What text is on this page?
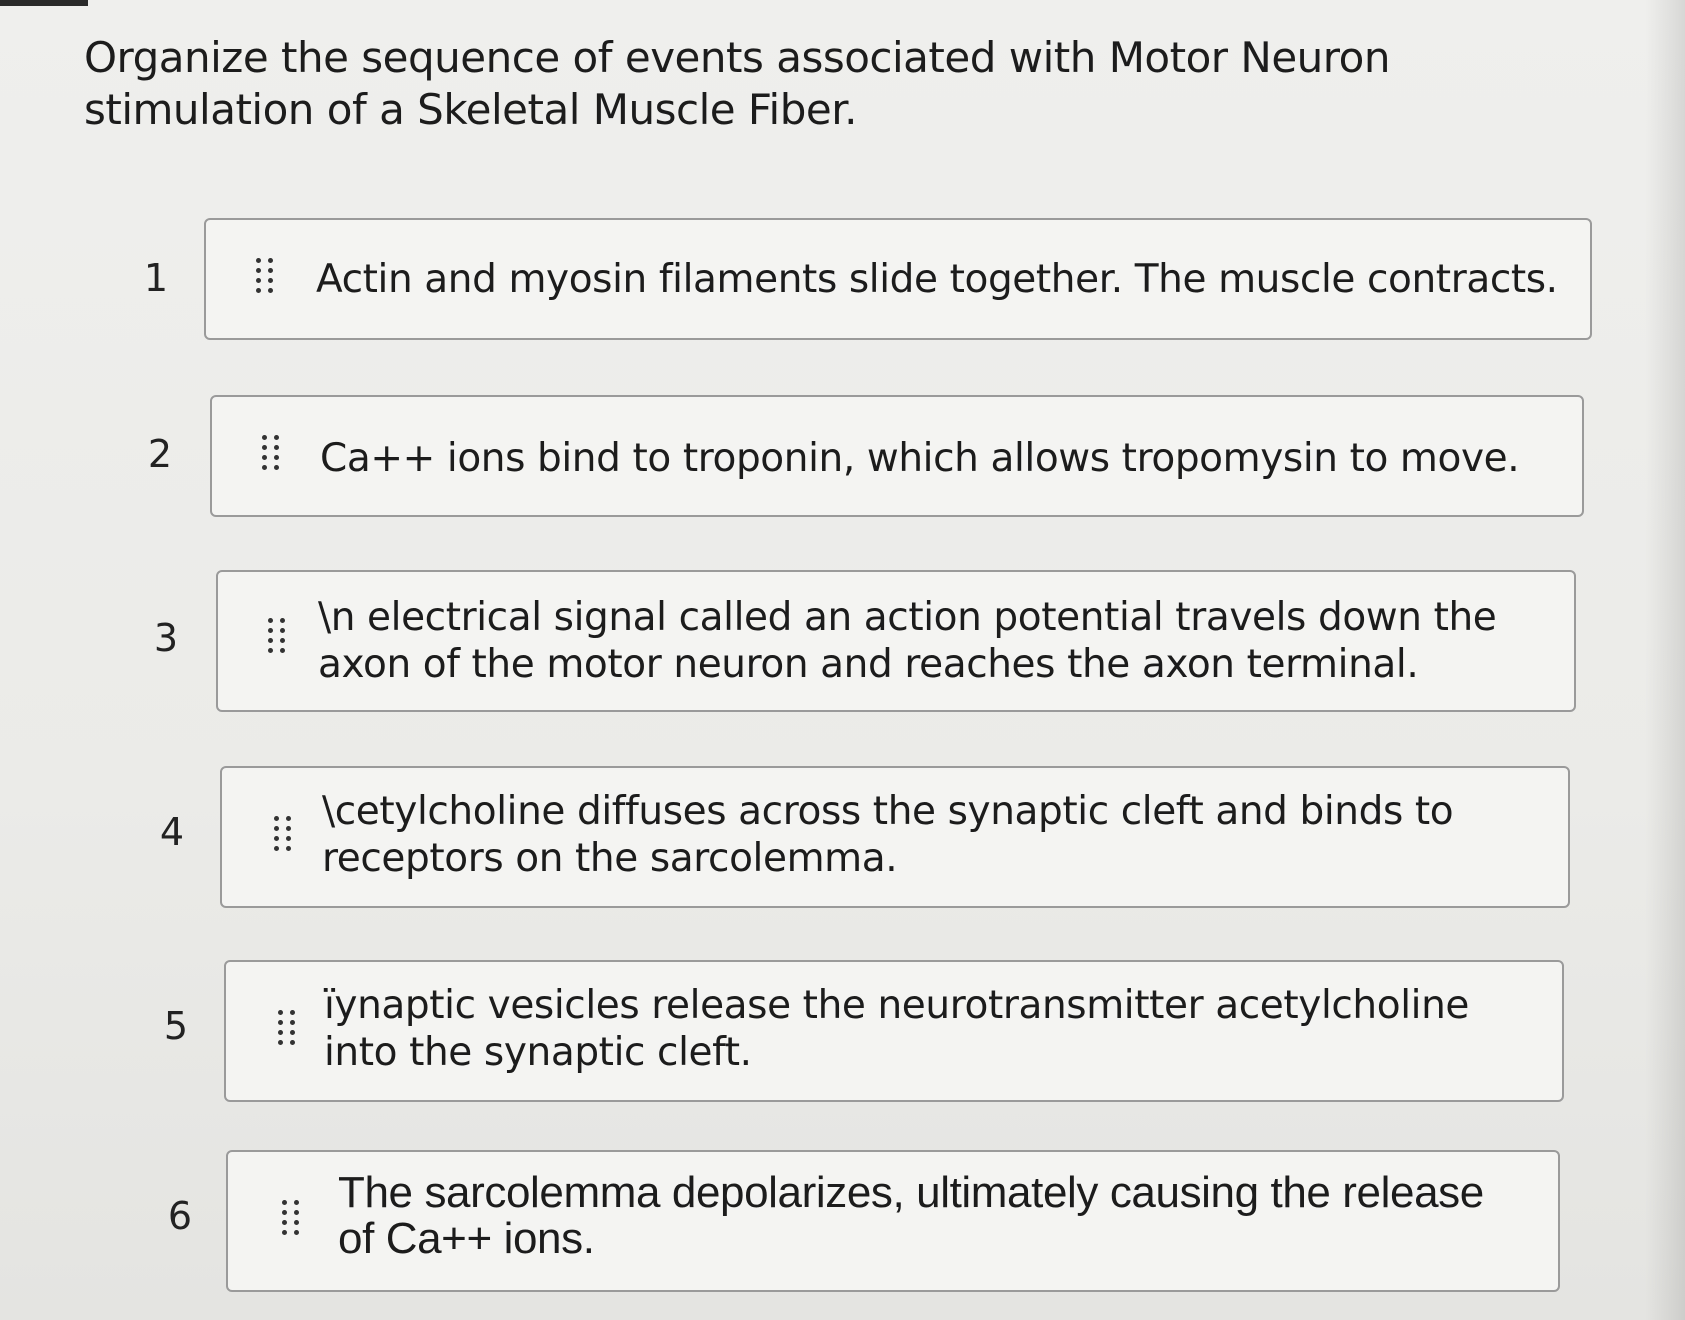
Organize the sequence of events associated with Motor Neuron stimulation of a Skeletal Muscle Fiber.
1	Actin and myosin filaments slide together. The muscle contracts.
2	Ca++ ions bind to troponin, which allows tropomysin to move.
3	\n electrical signal called an action potential travels down the axon of the motor neuron and reaches the axon terminal.
4	\cetylcholine diffuses across the synaptic cleft and binds to receptors on the sarcolemma.
5	ïynaptic vesicles release the neurotransmitter acetylcholine into the synaptic cleft.
6	The sarcolemma depolarizes, ultimately causing the release of Ca++ ions.
